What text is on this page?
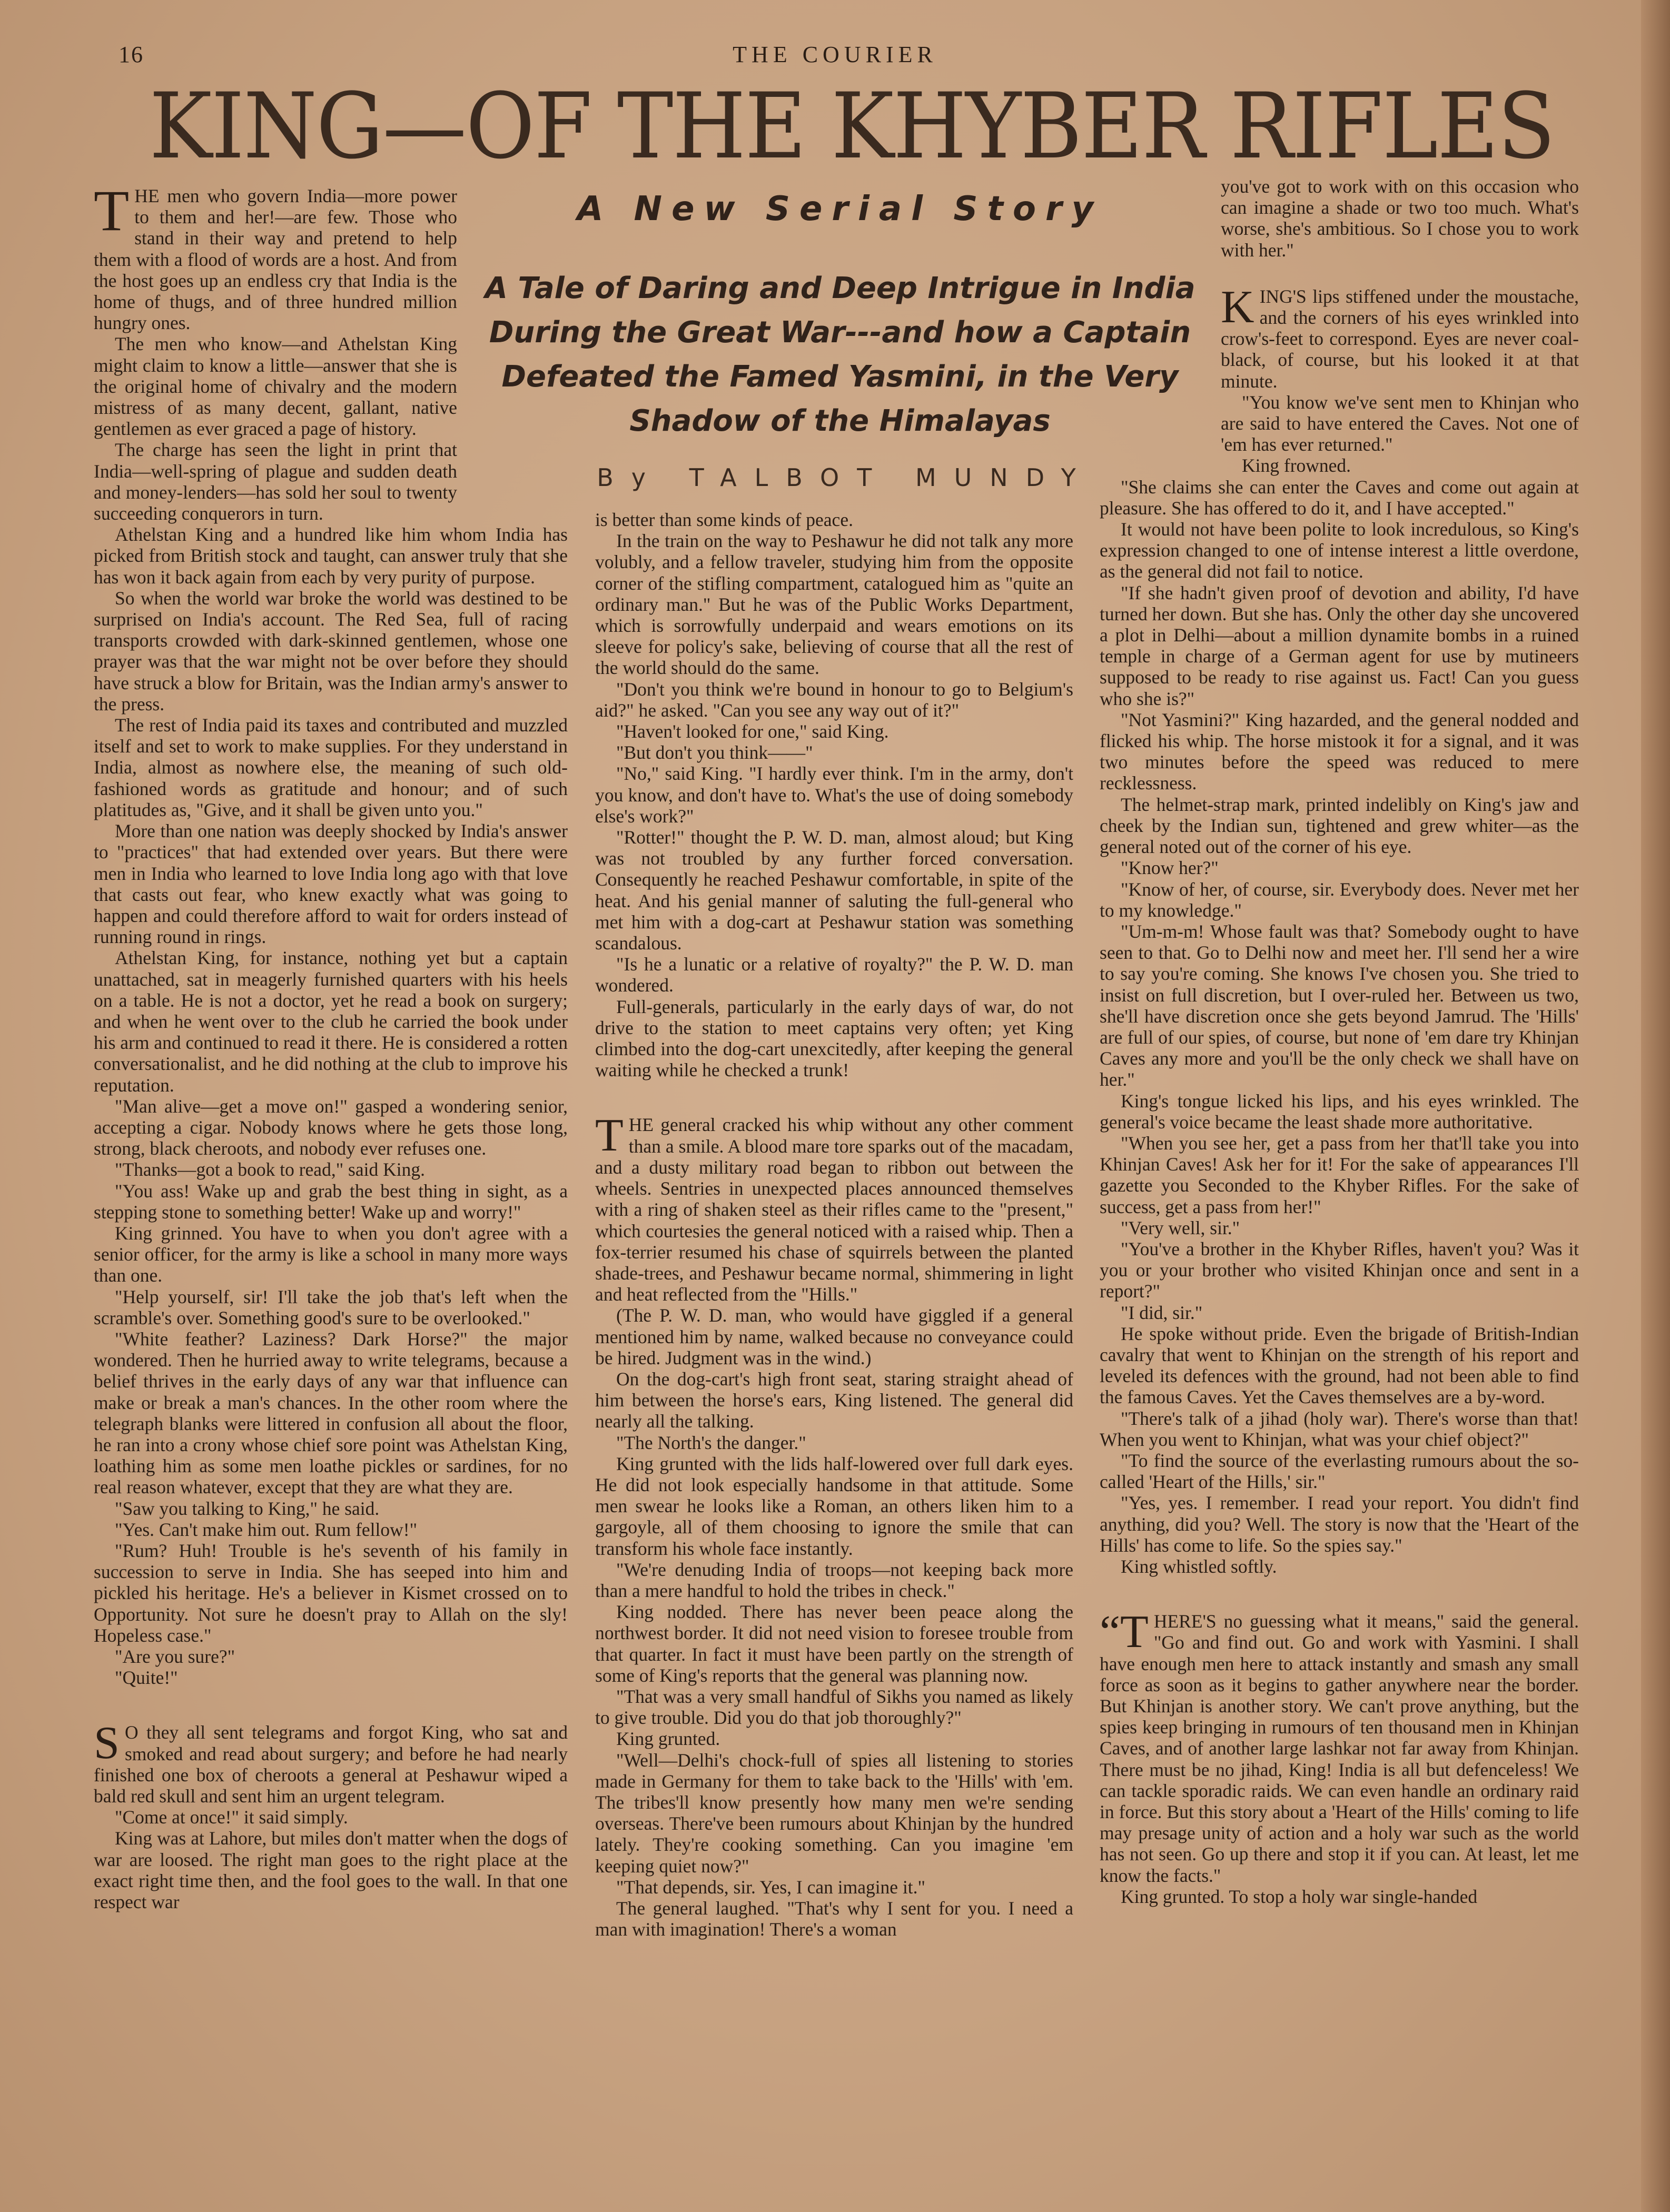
16	THE COURIER
KING—OF THE KHYBER RIFLES

A New Serial Story

A Tale of Daring and Deep Intrigue in India During the Great War---and how a Captain Defeated the Famed Yasmini, in the Very Shadow of the Himalayas

By TALBOT MUNDY

THE men who govern India—more power to them and her!—are few. Those who stand in their way and pretend to help them with a flood of words are a host. And from the host goes up an endless cry that India is the home of thugs, and of three hundred million hungry ones.

The men who know—and Athelstan King might claim to know a little—answer that she is the original home of chivalry and the modern mistress of as many decent, gallant, native gentlemen as ever graced a page of history.

The charge has seen the light in print that India—well-spring of plague and sudden death and money-lenders—has sold her soul to twenty succeeding conquerors in turn.

Athelstan King and a hundred like him whom India has picked from British stock and taught, can answer truly that she has won it back again from each by very purity of purpose.

So when the world war broke the world was destined to be surprised on India's account. The Red Sea, full of racing transports crowded with dark-skinned gentlemen, whose one prayer was that the war might not be over before they should have struck a blow for Britain, was the Indian army's answer to the press.

The rest of India paid its taxes and contributed and muzzled itself and set to work to make supplies. For they understand in India, almost as nowhere else, the meaning of such old-fashioned words as gratitude and honour; and of such platitudes as, "Give, and it shall be given unto you."

More than one nation was deeply shocked by India's answer to "practices" that had extended over years. But there were men in India who learned to love India long ago with that love that casts out fear, who knew exactly what was going to happen and could therefore afford to wait for orders instead of running round in rings.

Athelstan King, for instance, nothing yet but a captain unattached, sat in meagerly furnished quarters with his heels on a table. He is not a doctor, yet he read a book on surgery; and when he went over to the club he carried the book under his arm and continued to read it there. He is considered a rotten conversationalist, and he did nothing at the club to improve his reputation.

"Man alive—get a move on!" gasped a wondering senior, accepting a cigar. Nobody knows where he gets those long, strong, black cheroots, and nobody ever refuses one.

"Thanks—got a book to read," said King.

"You ass! Wake up and grab the best thing in sight, as a stepping stone to something better! Wake up and worry!"

King grinned. You have to when you don't agree with a senior officer, for the army is like a school in many more ways than one.

"Help yourself, sir! I'll take the job that's left when the scramble's over. Something good's sure to be overlooked."

"White feather? Laziness? Dark Horse?" the major wondered. Then he hurried away to write telegrams, because a belief thrives in the early days of any war that influence can make or break a man's chances. In the other room where the telegraph blanks were littered in confusion all about the floor, he ran into a crony whose chief sore point was Athelstan King, loathing him as some men loathe pickles or sardines, for no real reason whatever, except that they are what they are.

"Saw you talking to King," he said.

"Yes. Can't make him out. Rum fellow!"

"Rum? Huh! Trouble is he's seventh of his family in succession to serve in India. She has seeped into him and pickled his heritage. He's a believer in Kismet crossed on to Opportunity. Not sure he doesn't pray to Allah on the sly! Hopeless case."

"Are you sure?"

"Quite!"

S O they all sent telegrams and forgot King, who sat and smoked and read about surgery; and before he had nearly finished one box of cheroots a general at Peshawur wiped a bald red skull and sent him an urgent telegram.

"Come at once!" it said simply.

King was at Lahore, but miles don't matter when the dogs of war are loosed. The right man goes to the right place at the exact right time then, and the fool goes to the wall. In that one respect war

is better than some kinds of peace.

In the train on the way to Peshawur he did not talk any more volubly, and a fellow traveler, studying him from the opposite corner of the stifling compartment, catalogued him as "quite an ordinary man." But he was of the Public Works Department, which is sorrowfully underpaid and wears emotions on its sleeve for policy's sake, believing of course that all the rest of the world should do the same.

"Don't you think we're bound in honour to go to Belgium's aid?" he asked. "Can you see any way out of it?"

"Haven't looked for one," said King.

"But don't you think——"

"No," said King. "I hardly ever think. I'm in the army, don't you know, and don't have to. What's the use of doing somebody else's work?"

"Rotter!" thought the P. W. D. man, almost aloud; but King was not troubled by any further forced conversation. Consequently he reached Peshawur comfortable, in spite of the heat. And his genial manner of saluting the full-general who met him with a dog-cart at Peshawur station was something scandalous.

"Is he a lunatic or a relative of royalty?" the P. W. D. man wondered.

Full-generals, particularly in the early days of war, do not drive to the station to meet captains very often; yet King climbed into the dog-cart unexcitedly, after keeping the general waiting while he checked a trunk!

THE general cracked his whip without any other comment than a smile. A blood mare tore sparks out of the macadam, and a dusty military road began to ribbon out between the wheels. Sentries in unexpected places announced themselves with a ring of shaken steel as their rifles came to the "present," which courtesies the general noticed with a raised whip. Then a fox-terrier resumed his chase of squirrels between the planted shade-trees, and Peshawur became normal, shimmering in light and heat reflected from the "Hills."

(The P. W. D. man, who would have giggled if a general mentioned him by name, walked because no conveyance could be hired. Judgment was in the wind.)

On the dog-cart's high front seat, staring straight ahead of him between the horse's ears, King listened. The general did nearly all the talking.

"The North's the danger."

King grunted with the lids half-lowered over full dark eyes. He did not look especially handsome in that attitude. Some men swear he looks like a Roman, an others liken him to a gargoyle, all of them choosing to ignore the smile that can transform his whole face instantly.

"We're denuding India of troops—not keeping back more than a mere handful to hold the tribes in check."

King nodded. There has never been peace along the northwest border. It did not need vision to foresee trouble from that quarter. In fact it must have been partly on the strength of some of King's reports that the general was planning now.

"That was a very small handful of Sikhs you named as likely to give trouble. Did you do that job thoroughly?"

King grunted.

"Well—Delhi's chock-full of spies all listening to stories made in Germany for them to take back to the 'Hills' with 'em. The tribes'll know presently how many men we're sending overseas. There've been rumours about Khinjan by the hundred lately. They're cooking something. Can you imagine 'em keeping quiet now?"

"That depends, sir. Yes, I can imagine it."

The general laughed. "That's why I sent for you. I need a man with imagination! There's a woman

you've got to work with on this occasion who can imagine a shade or two too much. What's worse, she's ambitious. So I chose you to work with her."

KING'S lips stiffened under the moustache, and the corners of his eyes wrinkled into crow's-feet to correspond. Eyes are never coal-black, of course, but his looked it at that minute.

"You know we've sent men to Khinjan who are said to have entered the Caves. Not one of 'em has ever returned."

King frowned.

"She claims she can enter the Caves and come out again at pleasure. She has offered to do it, and I have accepted."

It would not have been polite to look incredulous, so King's expression changed to one of intense interest a little overdone, as the general did not fail to notice.

"If she hadn't given proof of devotion and ability, I'd have turned her down. But she has. Only the other day she uncovered a plot in Delhi—about a million dynamite bombs in a ruined temple in charge of a German agent for use by mutineers supposed to be ready to rise against us. Fact! Can you guess who she is?"

"Not Yasmini?" King hazarded, and the general nodded and flicked his whip. The horse mistook it for a signal, and it was two minutes before the speed was reduced to mere recklessness.

The helmet-strap mark, printed indelibly on King's jaw and cheek by the Indian sun, tightened and grew whiter—as the general noted out of the corner of his eye.

"Know her?"

"Know of her, of course, sir. Everybody does. Never met her to my knowledge."

"Um-m-m! Whose fault was that? Somebody ought to have seen to that. Go to Delhi now and meet her. I'll send her a wire to say you're coming. She knows I've chosen you. She tried to insist on full discretion, but I over-ruled her. Between us two, she'll have discretion once she gets beyond Jamrud. The 'Hills' are full of our spies, of course, but none of 'em dare try Khinjan Caves any more and you'll be the only check we shall have on her."

King's tongue licked his lips, and his eyes wrinkled. The general's voice became the least shade more authoritative.

"When you see her, get a pass from her that'll take you into Khinjan Caves! Ask her for it! For the sake of appearances I'll gazette you Seconded to the Khyber Rifles. For the sake of success, get a pass from her!"

"Very well, sir."

"You've a brother in the Khyber Rifles, haven't you? Was it you or your brother who visited Khinjan once and sent in a report?"

"I did, sir."

He spoke without pride. Even the brigade of British-Indian cavalry that went to Khinjan on the strength of his report and leveled its defences with the ground, had not been able to find the famous Caves. Yet the Caves themselves are a by-word.

"There's talk of a jihad (holy war). There's worse than that! When you went to Khinjan, what was your chief object?"

"To find the source of the everlasting rumours about the so-called 'Heart of the Hills,' sir."

"Yes, yes. I remember. I read your report. You didn't find anything, did you? Well. The story is now that the 'Heart of the Hills' has come to life. So the spies say."

King whistled softly.

“THERE'S no guessing what it means," said the general. "Go and find out. Go and work with Yasmini. I shall have enough men here to attack instantly and smash any small force as soon as it begins to gather anywhere near the border. But Khinjan is another story. We can't prove anything, but the spies keep bringing in rumours of ten thousand men in Khinjan Caves, and of another large lashkar not far away from Khinjan. There must be no jihad, King! India is all but defenceless! We can tackle sporadic raids. We can even handle an ordinary raid in force. But this story about a 'Heart of the Hills' coming to life may presage unity of action and a holy war such as the world has not seen. Go up there and stop it if you can. At least, let me know the facts."

King grunted. To stop a holy war single-handed
